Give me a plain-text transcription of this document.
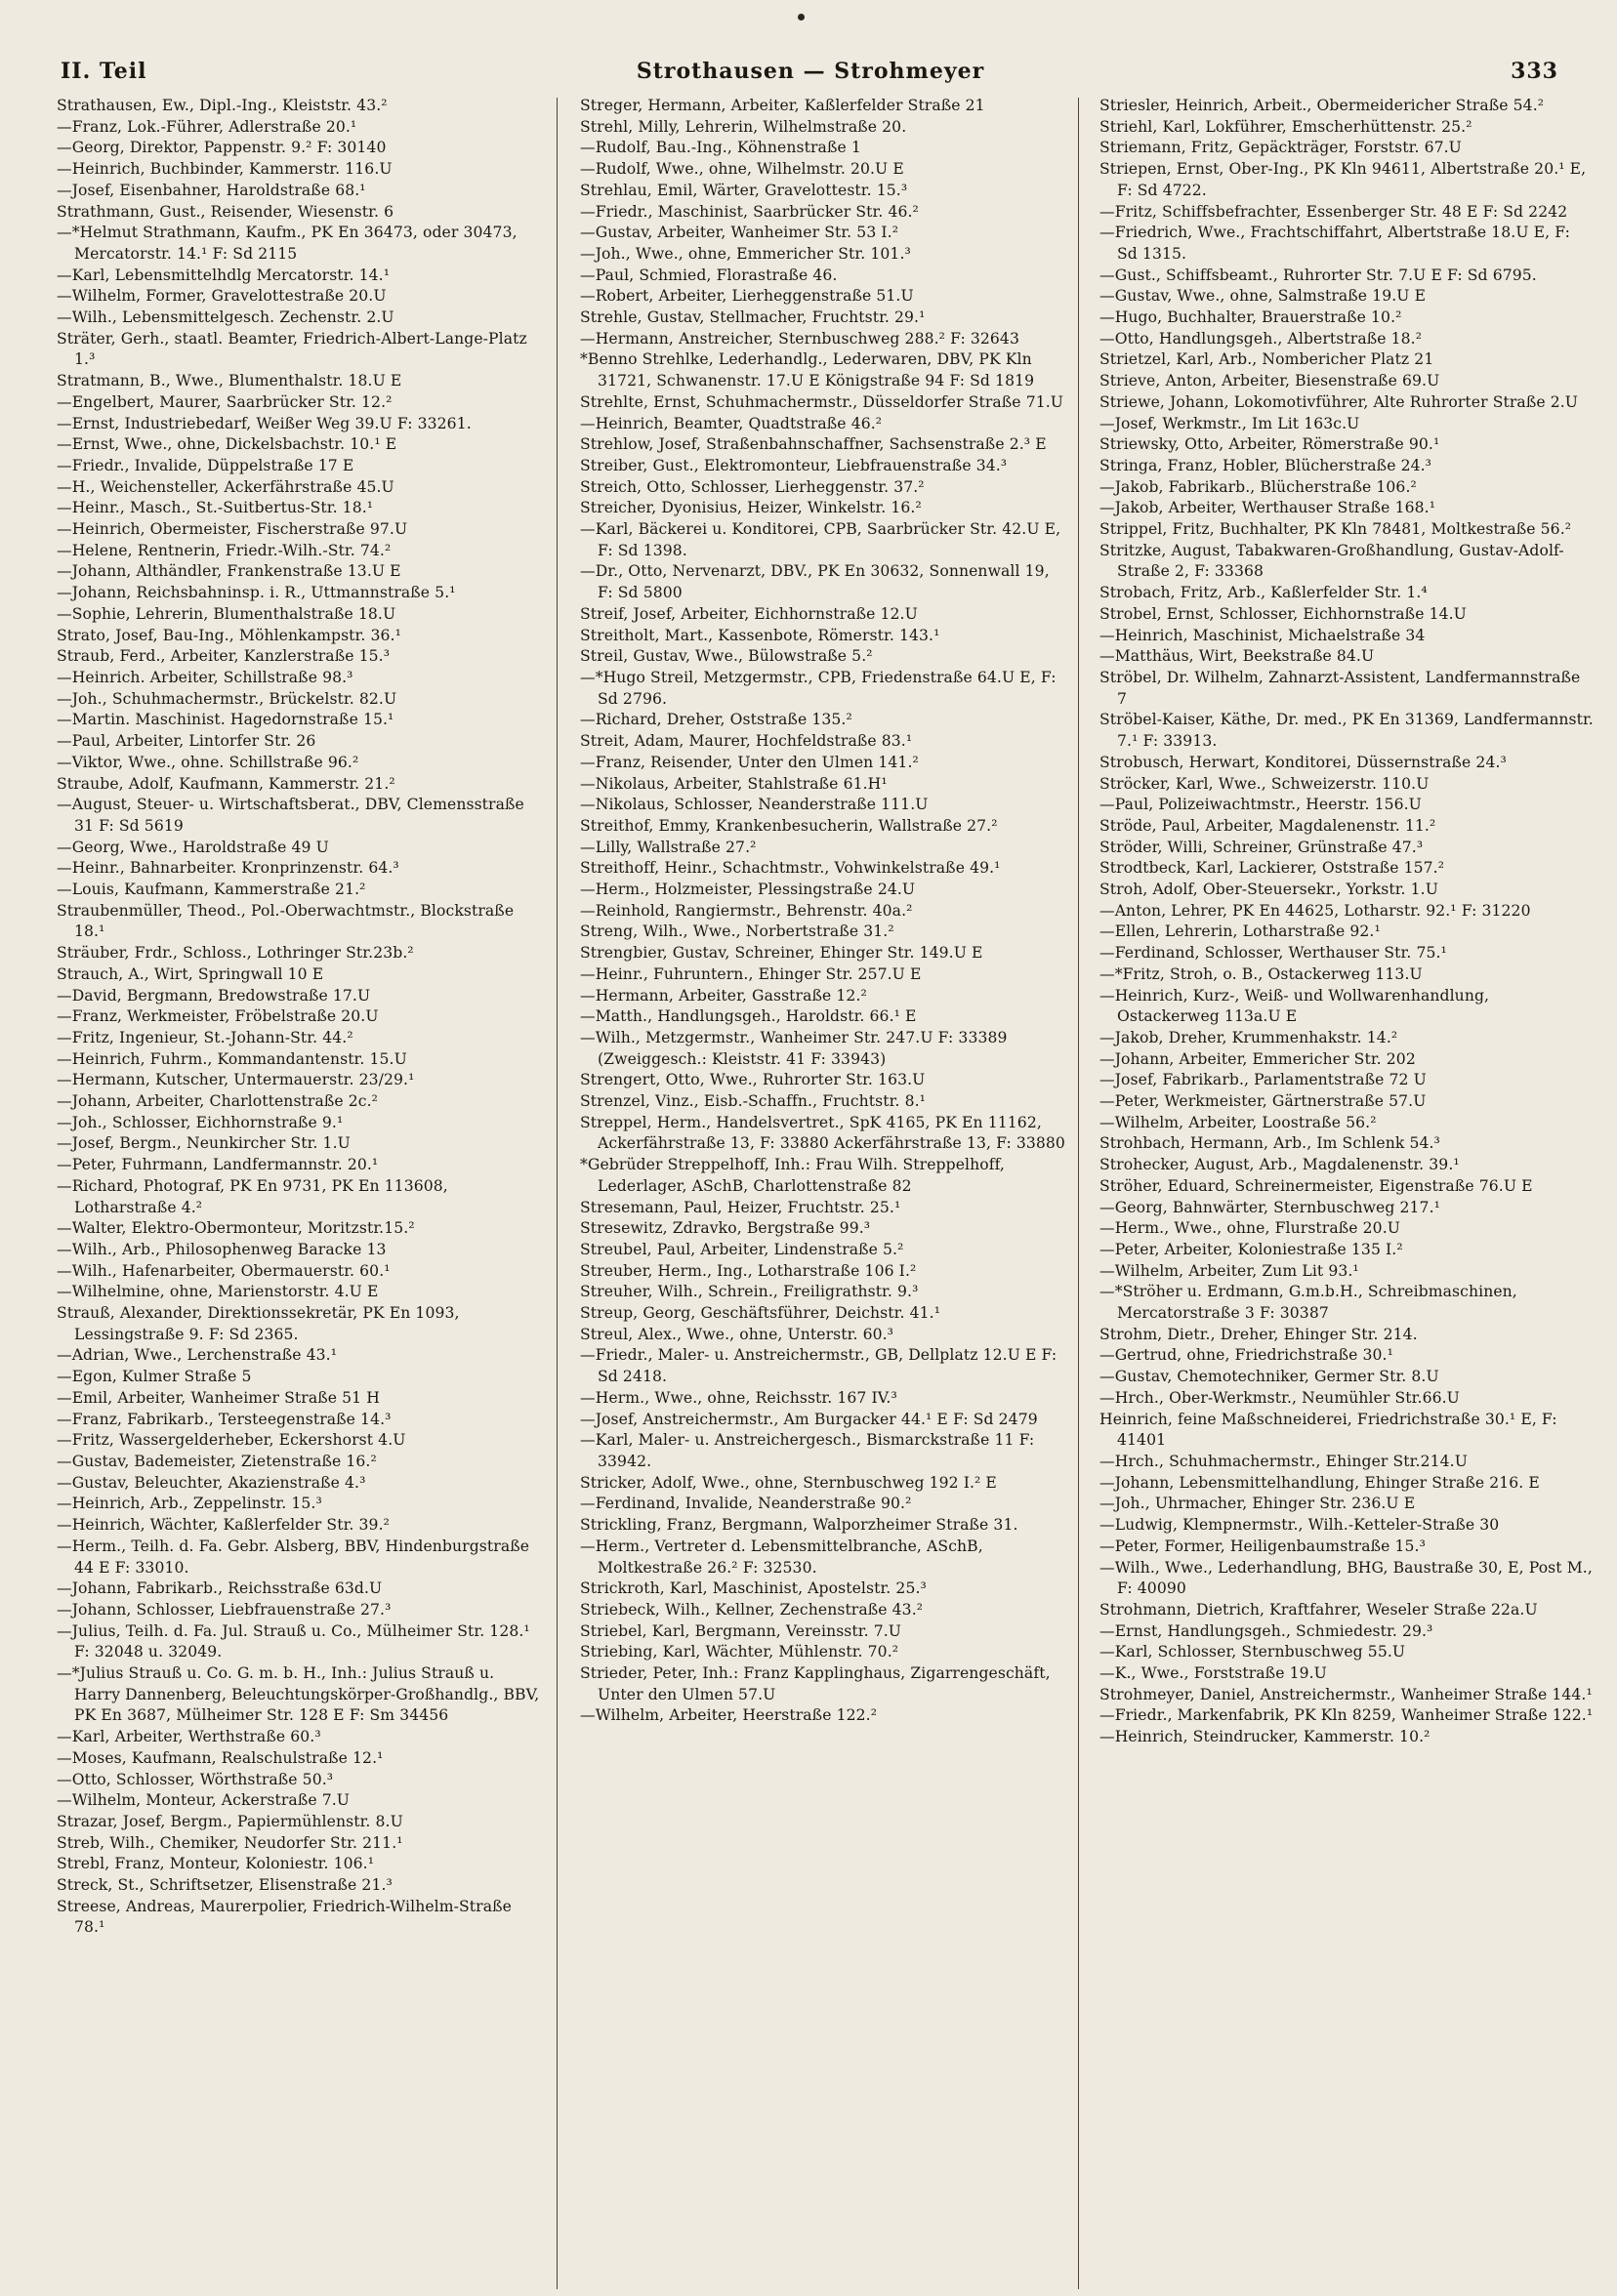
II. Teil	Strothausen — Strohmeyer	333

Strathausen, Ew., Dipl.-Ing., Kleiststr. 43.²

—Franz, Lok.-Führer, Adlerstraße 20.¹

—Georg, Direktor, Pappenstr. 9.² F: 30140

—Heinrich, Buchbinder, Kammerstr. 116.U

—Josef, Eisenbahner, Haroldstraße 68.¹

Strathmann, Gust., Reisender, Wiesenstr. 6

—*Helmut Strathmann, Kaufm., PK En 36473, oder 30473, Mercatorstr. 14.¹ F: Sd 2115

—Karl, Lebensmittelhdlg Mercatorstr. 14.¹

—Wilhelm, Former, Gravelottestraße 20.U

—Wilh., Lebensmittelgesch. Zechenstr. 2.U

Sträter, Gerh., staatl. Beamter, Friedrich-Albert-Lange-Platz 1.³

Stratmann, B., Wwe., Blumenthalstr. 18.U E

—Engelbert, Maurer, Saarbrücker Str. 12.²

—Ernst, Industriebedarf, Weißer Weg 39.U F: 33261.

—Ernst, Wwe., ohne, Dickelsbachstr. 10.¹ E

—Friedr., Invalide, Düppelstraße 17 E

—H., Weichensteller, Ackerfährstraße 45.U

—Heinr., Masch., St.-Suitbertus-Str. 18.¹

—Heinrich, Obermeister, Fischerstraße 97.U

—Helene, Rentnerin, Friedr.-Wilh.-Str. 74.²

—Johann, Althändler, Frankenstraße 13.U E

—Johann, Reichsbahninsp. i. R., Uttmannstraße 5.¹

—Sophie, Lehrerin, Blumenthalstraße 18.U

Strato, Josef, Bau-Ing., Möhlenkampstr. 36.¹

Straub, Ferd., Arbeiter, Kanzlerstraße 15.³

—Heinrich. Arbeiter, Schillstraße 98.³

—Joh., Schuhmachermstr., Brückelstr. 82.U

—Martin. Maschinist. Hagedornstraße 15.¹

—Paul, Arbeiter, Lintorfer Str. 26

—Viktor, Wwe., ohne. Schillstraße 96.²

Straube, Adolf, Kaufmann, Kammerstr. 21.²

—August, Steuer- u. Wirtschaftsberat., DBV, Clemensstraße 31 F: Sd 5619

—Georg, Wwe., Haroldstraße 49 U

—Heinr., Bahnarbeiter. Kronprinzenstr. 64.³

—Louis, Kaufmann, Kammerstraße 21.²

Straubenmüller, Theod., Pol.-Oberwachtmstr., Blockstraße 18.¹

Sträuber, Frdr., Schloss., Lothringer Str.23b.²

Strauch, A., Wirt, Springwall 10 E

—David, Bergmann, Bredowstraße 17.U

—Franz, Werkmeister, Fröbelstraße 20.U

—Fritz, Ingenieur, St.-Johann-Str. 44.²

—Heinrich, Fuhrm., Kommandantenstr. 15.U

—Hermann, Kutscher, Untermauerstr. 23/29.¹

—Johann, Arbeiter, Charlottenstraße 2c.²

—Joh., Schlosser, Eichhornstraße 9.¹

—Josef, Bergm., Neunkircher Str. 1.U

—Peter, Fuhrmann, Landfermannstr. 20.¹

—Richard, Photograf, PK En 9731, PK En 113608, Lotharstraße 4.²

—Walter, Elektro-Obermonteur, Moritzstr.15.²

—Wilh., Arb., Philosophenweg Baracke 13

—Wilh., Hafenarbeiter, Obermauerstr. 60.¹

—Wilhelmine, ohne, Marienstorstr. 4.U E

Strauß, Alexander, Direktionssekretär, PK En 1093, Lessingstraße 9. F: Sd 2365.

—Adrian, Wwe., Lerchenstraße 43.¹

—Egon, Kulmer Straße 5

—Emil, Arbeiter, Wanheimer Straße 51 H

—Franz, Fabrikarb., Tersteegenstraße 14.³

—Fritz, Wassergelderheber, Eckershorst 4.U

—Gustav, Bademeister, Zietenstraße 16.²

—Gustav, Beleuchter, Akazienstraße 4.³

—Heinrich, Arb., Zeppelinstr. 15.³

—Heinrich, Wächter, Kaßlerfelder Str. 39.²

—Herm., Teilh. d. Fa. Gebr. Alsberg, BBV, Hindenburgstraße 44 E F: 33010.

—Johann, Fabrikarb., Reichsstraße 63d.U

—Johann, Schlosser, Liebfrauenstraße 27.³

—Julius, Teilh. d. Fa. Jul. Strauß u. Co., Mülheimer Str. 128.¹ F: 32048 u. 32049.

—*Julius Strauß u. Co. G. m. b. H., Inh.: Julius Strauß u. Harry Dannenberg, Beleuchtungskörper-Großhandlg., BBV, PK En 3687, Mülheimer Str. 128 E F: Sm 34456

—Karl, Arbeiter, Werthstraße 60.³

—Moses, Kaufmann, Realschulstraße 12.¹

—Otto, Schlosser, Wörthstraße 50.³

—Wilhelm, Monteur, Ackerstraße 7.U

Strazar, Josef, Bergm., Papiermühlenstr. 8.U

Streb, Wilh., Chemiker, Neudorfer Str. 211.¹

Strebl, Franz, Monteur, Koloniestr. 106.¹

Streck, St., Schriftsetzer, Elisenstraße 21.³

Streese, Andreas, Maurerpolier, Friedrich-Wilhelm-Straße 78.¹

Streger, Hermann, Arbeiter, Kaßlerfelder Straße 21

Strehl, Milly, Lehrerin, Wilhelmstraße 20.

—Rudolf, Bau.-Ing., Köhnenstraße 1

—Rudolf, Wwe., ohne, Wilhelmstr. 20.U E

Strehlau, Emil, Wärter, Gravelottestr. 15.³

—Friedr., Maschinist, Saarbrücker Str. 46.²

—Gustav, Arbeiter, Wanheimer Str. 53 I.²

—Joh., Wwe., ohne, Emmericher Str. 101.³

—Paul, Schmied, Florastraße 46.

—Robert, Arbeiter, Lierheggenstraße 51.U

Strehle, Gustav, Stellmacher, Fruchtstr. 29.¹

—Hermann, Anstreicher, Sternbuschweg 288.² F: 32643

*Benno Strehlke, Lederhandlg., Lederwaren, DBV, PK Kln 31721, Schwanenstr. 17.U E Königstraße 94 F: Sd 1819

Strehlte, Ernst, Schuhmachermstr., Düsseldorfer Straße 71.U

—Heinrich, Beamter, Quadtstraße 46.²

Strehlow, Josef, Straßenbahnschaffner, Sachsenstraße 2.³ E

Streiber, Gust., Elektromonteur, Liebfrauenstraße 34.³

Streich, Otto, Schlosser, Lierheggenstr. 37.²

Streicher, Dyonisius, Heizer, Winkelstr. 16.²

—Karl, Bäckerei u. Konditorei, CPB, Saarbrücker Str. 42.U E, F: Sd 1398.

—Dr., Otto, Nervenarzt, DBV., PK En 30632, Sonnenwall 19, F: Sd 5800

Streif, Josef, Arbeiter, Eichhornstraße 12.U

Streitholt, Mart., Kassenbote, Römerstr. 143.¹

Streil, Gustav, Wwe., Bülowstraße 5.²

—*Hugo Streil, Metzgermstr., CPB, Friedenstraße 64.U E, F: Sd 2796.

—Richard, Dreher, Oststraße 135.²

Streit, Adam, Maurer, Hochfeldstraße 83.¹

—Franz, Reisender, Unter den Ulmen 141.²

—Nikolaus, Arbeiter, Stahlstraße 61.H¹

—Nikolaus, Schlosser, Neanderstraße 111.U

Streithof, Emmy, Krankenbesucherin, Wallstraße 27.²

—Lilly, Wallstraße 27.²

Streithoff, Heinr., Schachtmstr., Vohwinkelstraße 49.¹

—Herm., Holzmeister, Plessingstraße 24.U

—Reinhold, Rangiermstr., Behrenstr. 40a.²

Streng, Wilh., Wwe., Norbertstraße 31.²

Strengbier, Gustav, Schreiner, Ehinger Str. 149.U E

—Heinr., Fuhruntern., Ehinger Str. 257.U E

—Hermann, Arbeiter, Gasstraße 12.²

—Matth., Handlungsgeh., Haroldstr. 66.¹ E

—Wilh., Metzgermstr., Wanheimer Str. 247.U F: 33389 (Zweiggesch.: Kleiststr. 41 F: 33943)

Strengert, Otto, Wwe., Ruhrorter Str. 163.U

Strenzel, Vinz., Eisb.-Schaffn., Fruchtstr. 8.¹

Streppel, Herm., Handelsvertret., SpK 4165, PK En 11162, Ackerfährstraße 13, F: 33880 Ackerfährstraße 13, F: 33880

*Gebrüder Streppelhoff, Inh.: Frau Wilh. Streppelhoff, Lederlager, ASchB, Charlottenstraße 82

Stresemann, Paul, Heizer, Fruchtstr. 25.¹

Stresewitz, Zdravko, Bergstraße 99.³

Streubel, Paul, Arbeiter, Lindenstraße 5.²

Streuber, Herm., Ing., Lotharstraße 106 I.²

Streuher, Wilh., Schrein., Freiligrathstr. 9.³

Streup, Georg, Geschäftsführer, Deichstr. 41.¹

Streul, Alex., Wwe., ohne, Unterstr. 60.³

—Friedr., Maler- u. Anstreichermstr., GB, Dellplatz 12.U E F: Sd 2418.

—Herm., Wwe., ohne, Reichsstr. 167 IV.³

—Josef, Anstreichermstr., Am Burgacker 44.¹ E F: Sd 2479

—Karl, Maler- u. Anstreichergesch., Bismarckstraße 11 F: 33942.

Stricker, Adolf, Wwe., ohne, Sternbuschweg 192 I.² E

—Ferdinand, Invalide, Neanderstraße 90.²

Strickling, Franz, Bergmann, Walporzheimer Straße 31.

—Herm., Vertreter d. Lebensmittelbranche, ASchB, Moltkestraße 26.² F: 32530.

Strickroth, Karl, Maschinist, Apostelstr. 25.³

Striebeck, Wilh., Kellner, Zechenstraße 43.²

Striebel, Karl, Bergmann, Vereinsstr. 7.U

Striebing, Karl, Wächter, Mühlenstr. 70.²

Strieder, Peter, Inh.: Franz Kapplinghaus, Zigarrengeschäft, Unter den Ulmen 57.U

—Wilhelm, Arbeiter, Heerstraße 122.²

Striesler, Heinrich, Arbeit., Obermeidericher Straße 54.²

Striehl, Karl, Lokführer, Emscherhüttenstr. 25.²

Striemann, Fritz, Gepäckträger, Forststr. 67.U

Striepen, Ernst, Ober-Ing., PK Kln 94611, Albertstraße 20.¹ E, F: Sd 4722.

—Fritz, Schiffsbefrachter, Essenberger Str. 48 E F: Sd 2242

—Friedrich, Wwe., Frachtschiffahrt, Albertstraße 18.U E, F: Sd 1315.

—Gust., Schiffsbeamt., Ruhrorter Str. 7.U E F: Sd 6795.

—Gustav, Wwe., ohne, Salmstraße 19.U E

—Hugo, Buchhalter, Brauerstraße 10.²

—Otto, Handlungsgeh., Albertstraße 18.²

Strietzel, Karl, Arb., Nombericher Platz 21

Strieve, Anton, Arbeiter, Biesenstraße 69.U

Striewe, Johann, Lokomotivführer, Alte Ruhrorter Straße 2.U

—Josef, Werkmstr., Im Lit 163c.U

Striewsky, Otto, Arbeiter, Römerstraße 90.¹

Stringa, Franz, Hobler, Blücherstraße 24.³

—Jakob, Fabrikarb., Blücherstraße 106.²

—Jakob, Arbeiter, Werthauser Straße 168.¹

Strippel, Fritz, Buchhalter, PK Kln 78481, Moltkestraße 56.²

Stritzke, August, Tabakwaren-Großhandlung, Gustav-Adolf-Straße 2, F: 33368

Strobach, Fritz, Arb., Kaßlerfelder Str. 1.⁴

Strobel, Ernst, Schlosser, Eichhornstraße 14.U

—Heinrich, Maschinist, Michaelstraße 34

—Matthäus, Wirt, Beekstraße 84.U

Ströbel, Dr. Wilhelm, Zahnarzt-Assistent, Landfermannstraße 7

Ströbel-Kaiser, Käthe, Dr. med., PK En 31369, Landfermannstr. 7.¹ F: 33913.

Strobusch, Herwart, Konditorei, Düssernstraße 24.³

Ströcker, Karl, Wwe., Schweizerstr. 110.U

—Paul, Polizeiwachtmstr., Heerstr. 156.U

Ströde, Paul, Arbeiter, Magdalenenstr. 11.²

Ströder, Willi, Schreiner, Grünstraße 47.³

Strodtbeck, Karl, Lackierer, Oststraße 157.²

Stroh, Adolf, Ober-Steuersekr., Yorkstr. 1.U

—Anton, Lehrer, PK En 44625, Lotharstr. 92.¹ F: 31220

—Ellen, Lehrerin, Lotharstraße 92.¹

—Ferdinand, Schlosser, Werthauser Str. 75.¹

—*Fritz, Stroh, o. B., Ostackerweg 113.U

—Heinrich, Kurz-, Weiß- und Wollwarenhandlung, Ostackerweg 113a.U E

—Jakob, Dreher, Krummenhakstr. 14.²

—Johann, Arbeiter, Emmericher Str. 202

—Josef, Fabrikarb., Parlamentstraße 72 U

—Peter, Werkmeister, Gärtnerstraße 57.U

—Wilhelm, Arbeiter, Loostraße 56.²

Strohbach, Hermann, Arb., Im Schlenk 54.³

Strohecker, August, Arb., Magdalenenstr. 39.¹

Ströher, Eduard, Schreinermeister, Eigenstraße 76.U E

—Georg, Bahnwärter, Sternbuschweg 217.¹

—Herm., Wwe., ohne, Flurstraße 20.U

—Peter, Arbeiter, Koloniestraße 135 I.²

—Wilhelm, Arbeiter, Zum Lit 93.¹

—*Ströher u. Erdmann, G.m.b.H., Schreibmaschinen, Mercatorstraße 3 F: 30387

Strohm, Dietr., Dreher, Ehinger Str. 214.

—Gertrud, ohne, Friedrichstraße 30.¹

—Gustav, Chemotechniker, Germer Str. 8.U

—Hrch., Ober-Werkmstr., Neumühler Str.66.U

Heinrich, feine Maßschneiderei, Friedrichstraße 30.¹ E, F: 41401

—Hrch., Schuhmachermstr., Ehinger Str.214.U

—Johann, Lebensmittelhandlung, Ehinger Straße 216. E

—Joh., Uhrmacher, Ehinger Str. 236.U E

—Ludwig, Klempnermstr., Wilh.-Ketteler-Straße 30

—Peter, Former, Heiligenbaumstraße 15.³

—Wilh., Wwe., Lederhandlung, BHG, Baustraße 30, E, Post M., F: 40090

Strohmann, Dietrich, Kraftfahrer, Weseler Straße 22a.U

—Ernst, Handlungsgeh., Schmiedestr. 29.³

—Karl, Schlosser, Sternbuschweg 55.U

—K., Wwe., Forststraße 19.U

Strohmeyer, Daniel, Anstreichermstr., Wanheimer Straße 144.¹

—Friedr., Markenfabrik, PK Kln 8259, Wanheimer Straße 122.¹

—Heinrich, Steindrucker, Kammerstr. 10.²
